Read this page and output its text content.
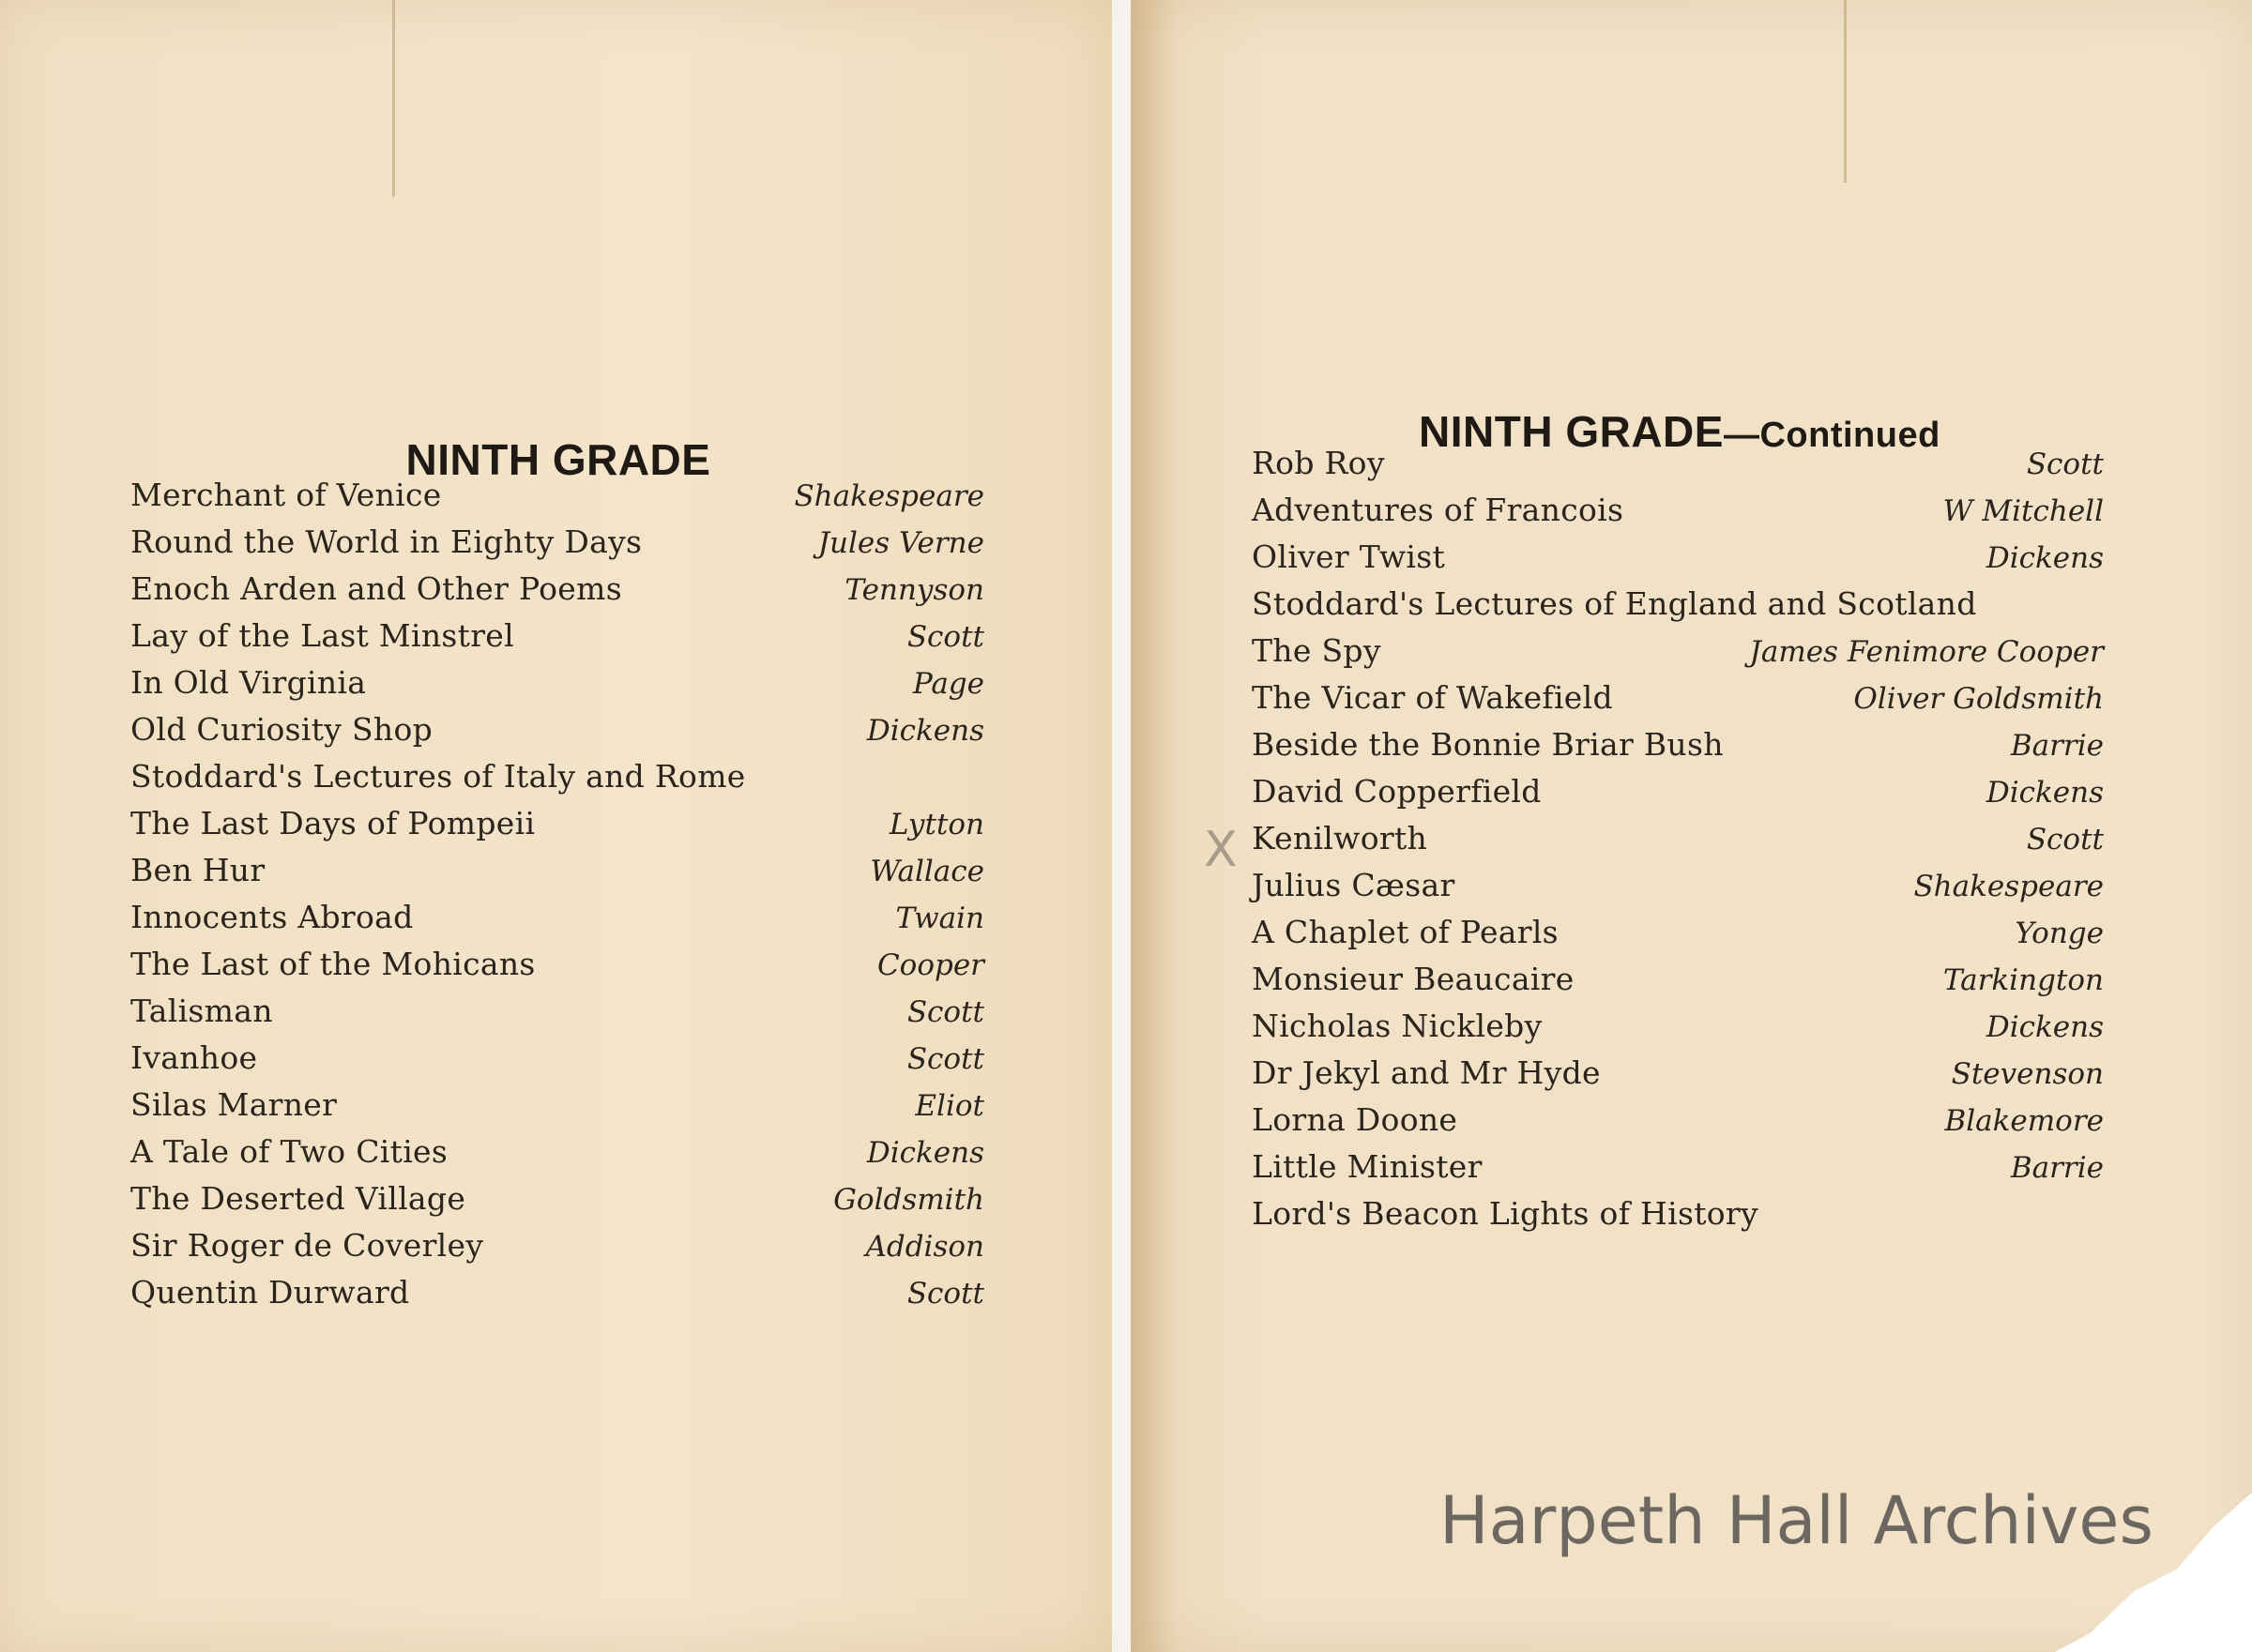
NINTH GRADE
Merchant of Venice	Shakespeare
Round the World in Eighty Days	Jules Verne
Enoch Arden and Other Poems	Tennyson
Lay of the Last Minstrel	Scott
In Old Virginia	Page
Old Curiosity Shop	Dickens
Stoddard's Lectures of Italy and Rome
The Last Days of Pompeii	Lytton
Ben Hur	Wallace
Innocents Abroad	Twain
The Last of the Mohicans	Cooper
Talisman	Scott
Ivanhoe	Scott
Silas Marner	Eliot
A Tale of Two Cities	Dickens
The Deserted Village	Goldsmith
Sir Roger de Coverley	Addison
Quentin Durward	Scott
NINTH GRADE—Continued
Rob Roy	Scott
Adventures of Francois	W Mitchell
Oliver Twist	Dickens
Stoddard's Lectures of England and Scotland
The Spy	James Fenimore Cooper
The Vicar of Wakefield	Oliver Goldsmith
Beside the Bonnie Briar Bush	Barrie
David Copperfield	Dickens
Kenilworth	Scott
Julius Cæsar	Shakespeare
A Chaplet of Pearls	Yonge
Monsieur Beaucaire	Tarkington
Nicholas Nickleby	Dickens
Dr Jekyl and Mr Hyde	Stevenson
Lorna Doone	Blakemore
Little Minister	Barrie
Lord's Beacon Lights of History
X
Harpeth Hall Archives
